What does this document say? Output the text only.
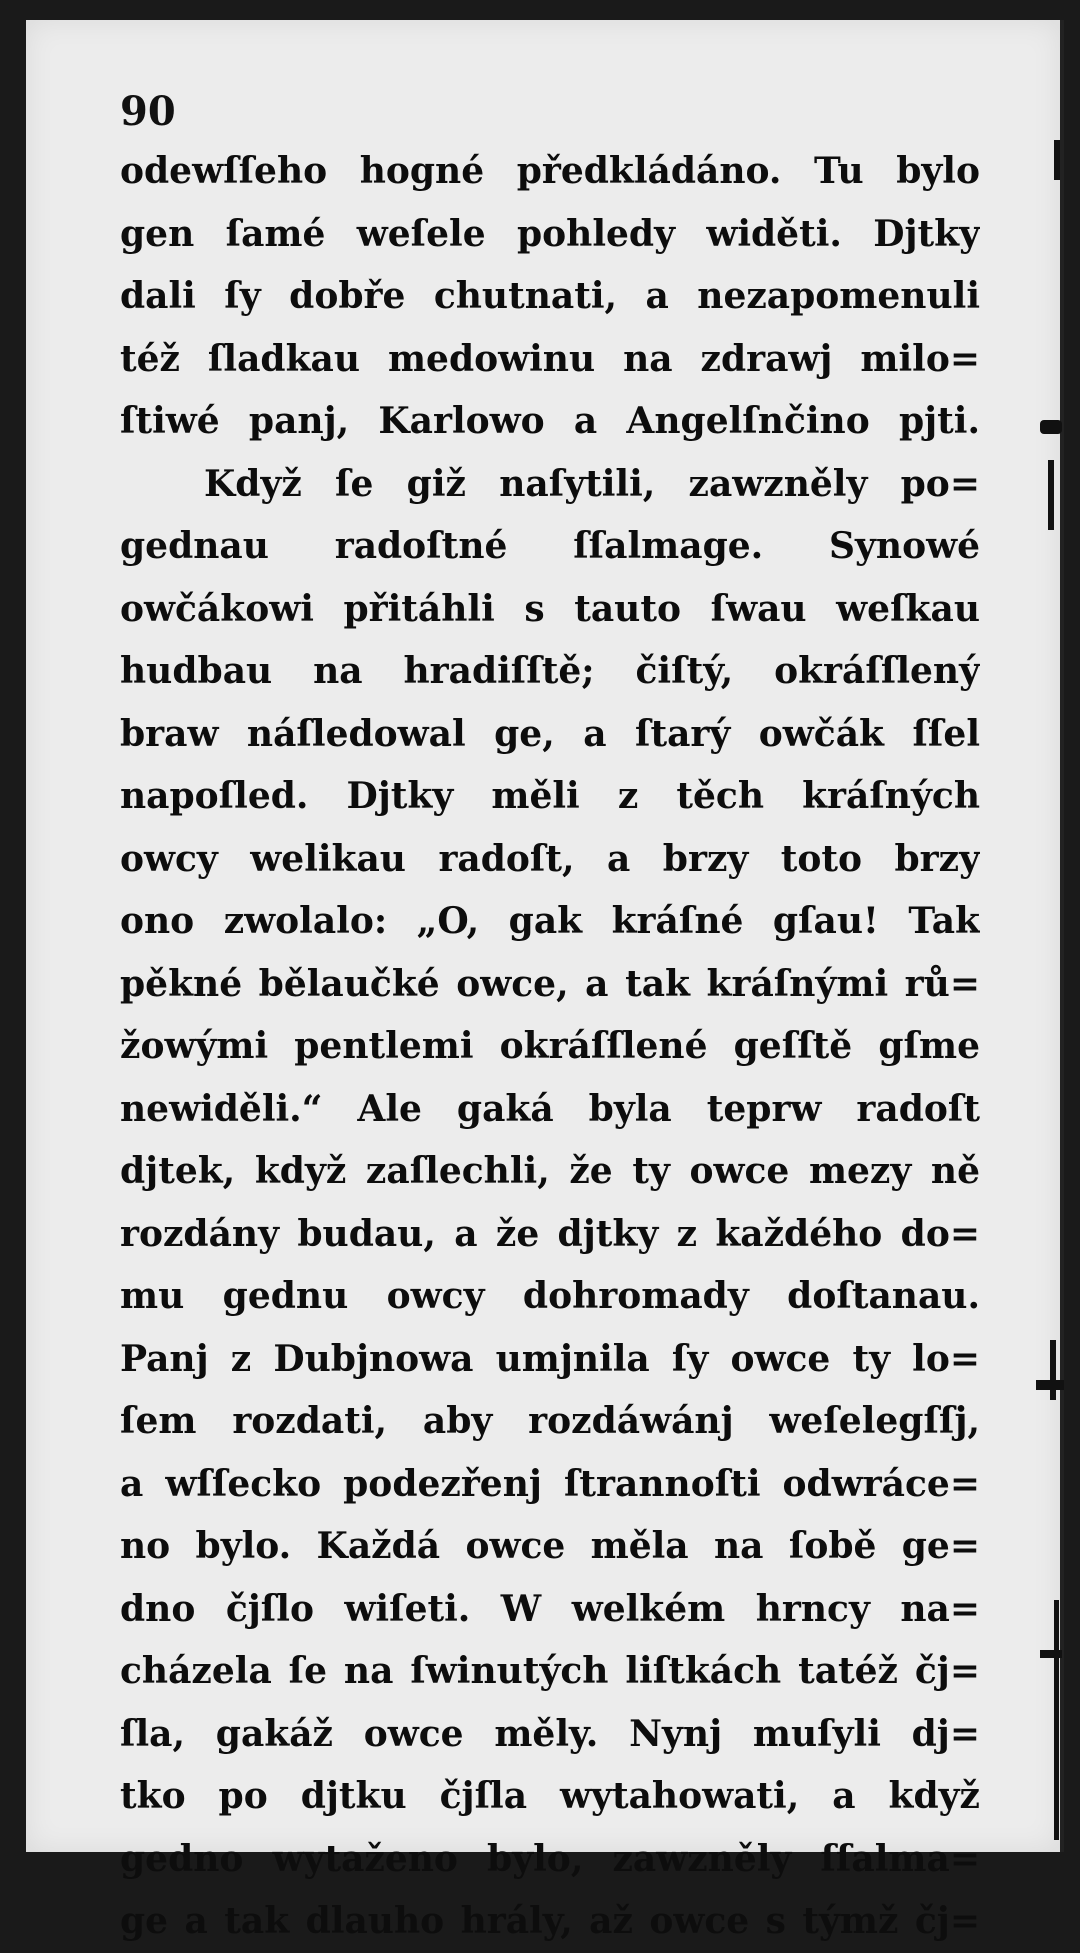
90

odewſſeho hogné předkládáno. Tu bylo

gen ſamé weſele pohledy widěti. Djtky

dali ſy dobře chutnati, a nezapomenuli

též ſladkau medowinu na zdrawj milo=

ſtiwé panj, Karlowo a Angelſnčino pjti.

Když ſe giž naſytili, zawzněly po=

gednau radoſtné ſſalmage. Synowé

owčákowi přitáhli s tauto ſwau weſkau

hudbau na hradiſſtě; čiſtý, okráſſlený

braw náſledowal ge, a ſtarý owčák ſſel

napoſled. Djtky měli z těch kráſných

owcy welikau radoſt, a brzy toto brzy

ono zwolalo: „O, gak kráſné gſau! Tak

pěkné bělaučké owce, a tak kráſnými rů=

žowými pentlemi okráſſlené geſſtě gſme

newiděli.“ Ale gaká byla teprw radoſt

djtek, když zaſlechli, že ty owce mezy ně

rozdány budau, a že djtky z každého do=

mu gednu owcy dohromady doſtanau.

Panj z Dubjnowa umjnila ſy owce ty lo=

ſem rozdati, aby rozdáwánj weſelegſſj,

a wſſecko podezřenj ſtrannoſti odwráce=

no bylo. Každá owce měla na ſobě ge=

dno čjſlo wiſeti. W welkém hrncy na=

cházela ſe na ſwinutých liſtkách tatéž čj=

ſla, gakáž owce měly. Nynj muſyli dj=

tko po djtku čjſla wytahowati, a když

gedno wytaženo bylo, zawzněly ſſalma=

ge a tak dlauho hrály, až owce s týmž čj=
